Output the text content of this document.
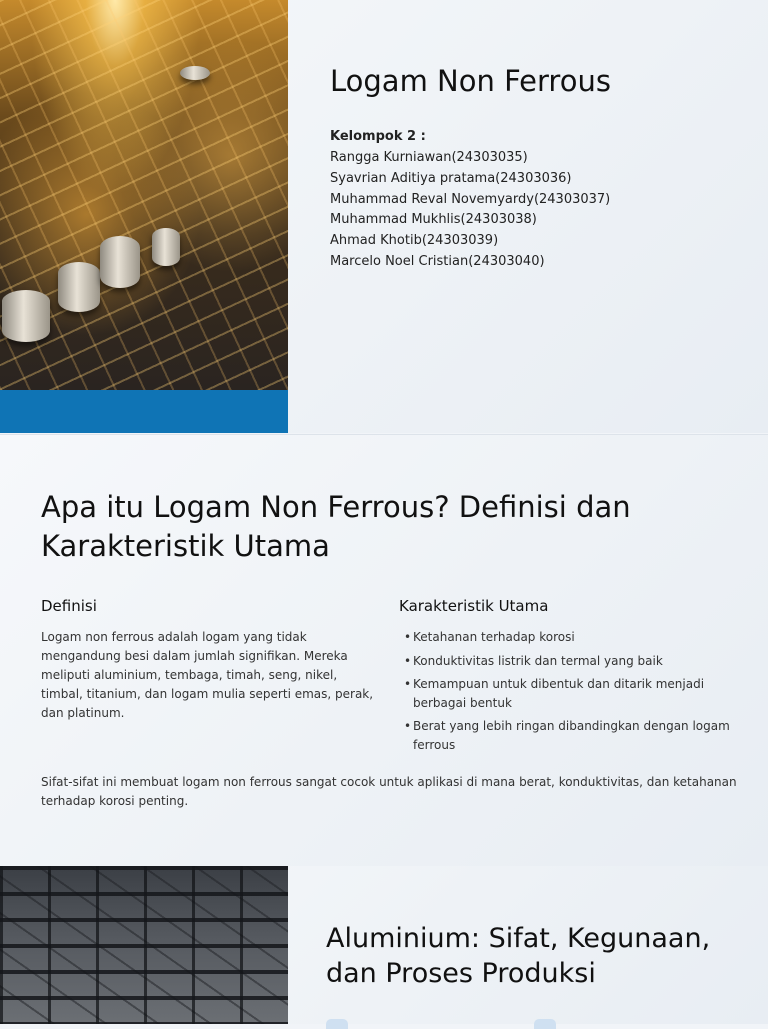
Logam Non Ferrous
Kelompok 2 :
Rangga Kurniawan(24303035)
Syavrian Aditiya pratama(24303036)
Muhammad Reval Novemyardy(24303037)
Muhammad Mukhlis(24303038)
Ahmad Khotib(24303039)
Marcelo Noel Cristian(24303040)
Apa itu Logam Non Ferrous? Definisi dan Karakteristik Utama
Definisi
Logam non ferrous adalah logam yang tidak mengandung besi dalam jumlah signifikan. Mereka meliputi aluminium, tembaga, timah, seng, nikel, timbal, titanium, dan logam mulia seperti emas, perak, dan platinum.
Karakteristik Utama
• Ketahanan terhadap korosi
• Konduktivitas listrik dan termal yang baik
• Kemampuan untuk dibentuk dan ditarik menjadi berbagai bentuk
• Berat yang lebih ringan dibandingkan dengan logam ferrous
Sifat-sifat ini membuat logam non ferrous sangat cocok untuk aplikasi di mana berat, konduktivitas, dan ketahanan terhadap korosi penting.
Aluminium: Sifat, Kegunaan, dan Proses Produksi
